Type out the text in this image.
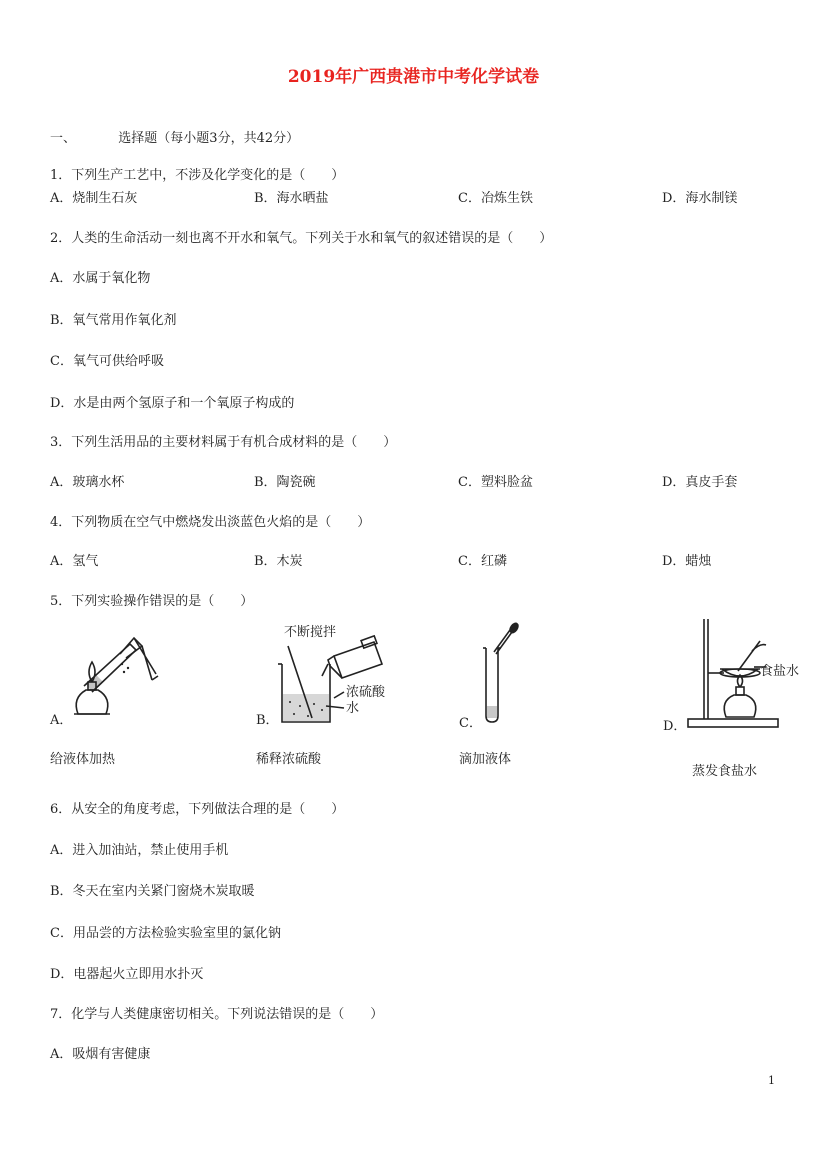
2019年广西贵港市中考化学试卷
一、	选择题（每小题3分，共42分）
1．下列生产工艺中，不涉及化学变化的是（　　）
A．烧制生石灰	B．海水晒盐	C．冶炼生铁	D．海水制镁
2．人类的生命活动一刻也离不开水和氧气。下列关于水和氧气的叙述错误的是（　　）
A．水属于氧化物
B．氧气常用作氧化剂
C．氧气可供给呼吸
D．水是由两个氢原子和一个氧原子构成的
3．下列生活用品的主要材料属于有机合成材料的是（　　）
A．玻璃水杯	B．陶瓷碗	C．塑料脸盆	D．真皮手套
4．下列物质在空气中燃烧发出淡蓝色火焰的是（　　）
A．氢气	B．木炭	C．红磷	D．蜡烛
5．下列实验操作错误的是（　　）
A．
给液体加热
B．
不断搅拌
浓硫酸
水
稀释浓硫酸
C．
滴加液体
D．
食盐水
蒸发食盐水
6．从安全的角度考虑，下列做法合理的是（　　）
A．进入加油站，禁止使用手机
B．冬天在室内关紧门窗烧木炭取暖
C．用品尝的方法检验实验室里的氯化钠
D．电器起火立即用水扑灭
7．化学与人类健康密切相关。下列说法错误的是（　　）
A．吸烟有害健康
1
